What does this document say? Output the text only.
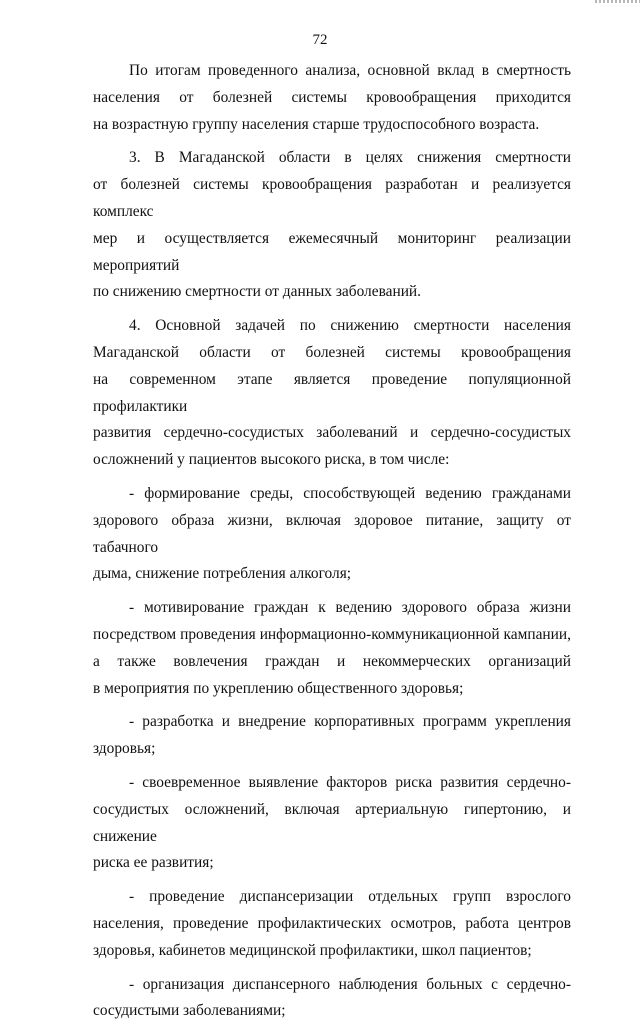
72
По итогам проведенного анализа, основной вклад в смертность
населения от болезней системы кровообращения приходится
на возрастную группу населения старше трудоспособного возраста.
3. В Магаданской области в целях снижения смертности
от болезней системы кровообращения разработан и реализуется комплекс
мер и осуществляется ежемесячный мониторинг реализации мероприятий
по снижению смертности от данных заболеваний.
4. Основной задачей по снижению смертности населения
Магаданской области от болезней системы кровообращения
на современном этапе является проведение популяционной профилактики
развития сердечно-сосудистых заболеваний и сердечно-сосудистых
осложнений у пациентов высокого риска, в том числе:
- формирование среды, способствующей ведению гражданами
здорового образа жизни, включая здоровое питание, защиту от табачного
дыма, снижение потребления алкоголя;
- мотивирование граждан к ведению здорового образа жизни
посредством проведения информационно-коммуникационной кампании,
а также вовлечения граждан и некоммерческих организаций
в мероприятия по укреплению общественного здоровья;
- разработка и внедрение корпоративных программ укрепления
здоровья;
- своевременное выявление факторов риска развития сердечно-
сосудистых осложнений, включая артериальную гипертонию, и снижение
риска ее развития;
- проведение диспансеризации отдельных групп взрослого
населения, проведение профилактических осмотров, работа центров
здоровья, кабинетов медицинской профилактики, школ пациентов;
- организация диспансерного наблюдения больных с сердечно-
сосудистыми заболеваниями;
